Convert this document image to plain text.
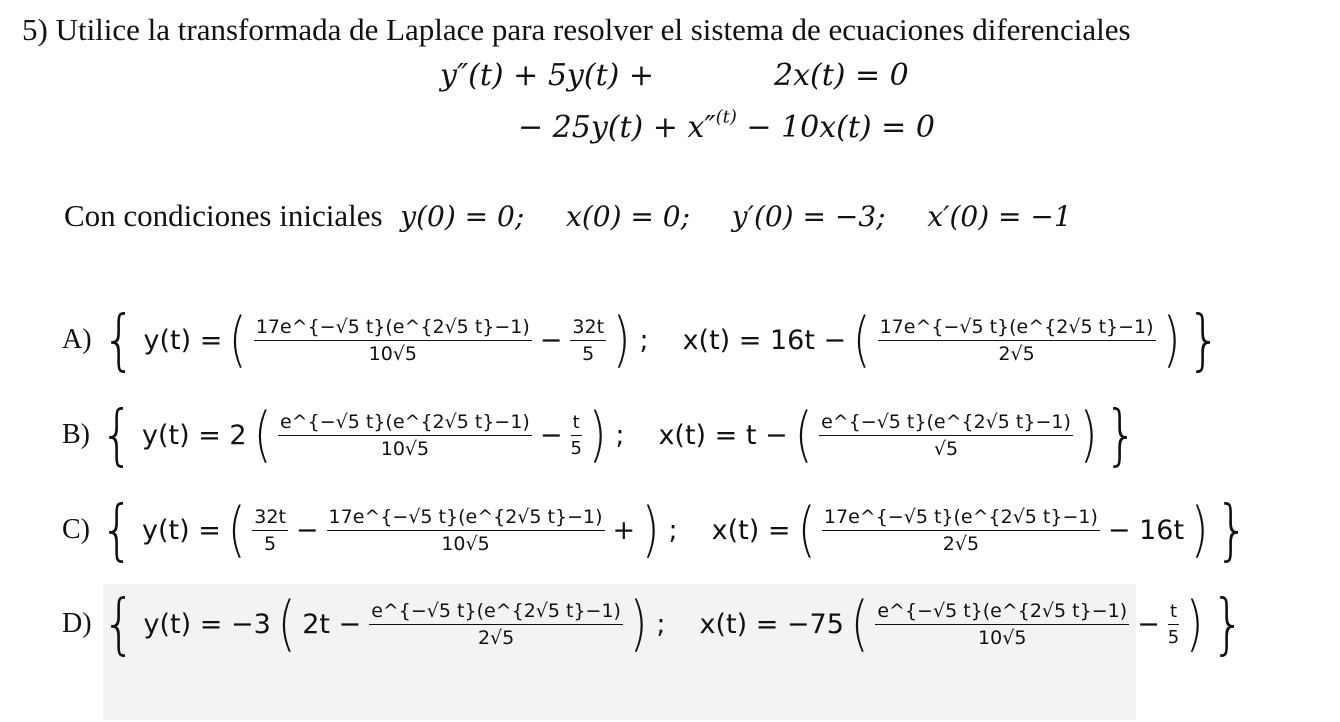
5) Utilice la transformada de Laplace para resolver el sistema de ecuaciones diferenciales
y″(t) + 5y(t) +	2x(t) = 0
− 25y(t) + x″$^{(t)}$ − 10x(t) = 0
Con condiciones iniciales y(0) = 0; x(0) = 0; y′(0) = −3; x′(0) = −1
A) { y(t) = ( $\frac{17e\^{}\{-√5 t\}(e\^{}\{2√5 t\}-1)}{10√5} - \frac{32t}{5}$ ) ; x(t) = 16t − ( $\frac{17e\^{}\{-√5 t\}(e\^{}\{2√5 t\}-1)}{2√5}$ ) }
B) { y(t) = 2 ( $\frac{e\^{}\{-√5 t\}(e\^{}\{2√5 t\}-1)}{10√5} - \frac{t}{5}$ ) ; x(t) = t − ( $\frac{e\^{}\{-√5 t\}(e\^{}\{2√5 t\}-1)}{√5}$ ) }
C) { y(t) = ( $\frac{32t}{5} - \frac{17e\^{}\{-√5 t\}(e\^{}\{2√5 t\}-1)}{10√5}$ + ) ; x(t) = ( $\frac{17e\^{}\{-√5 t\}(e\^{}\{2√5 t\}-1)}{2√5} - 16t$ ) }
D) { y(t) = −3 ( $2t - \frac{e\^{}\{-√5 t\}(e\^{}\{2√5 t\}-1)}{2√5}$ ) ; x(t) = −75 ( $\frac{e\^{}\{-√5 t\}(e\^{}\{2√5 t\}-1)}{10√5} - \frac{t}{5}$ ) }
